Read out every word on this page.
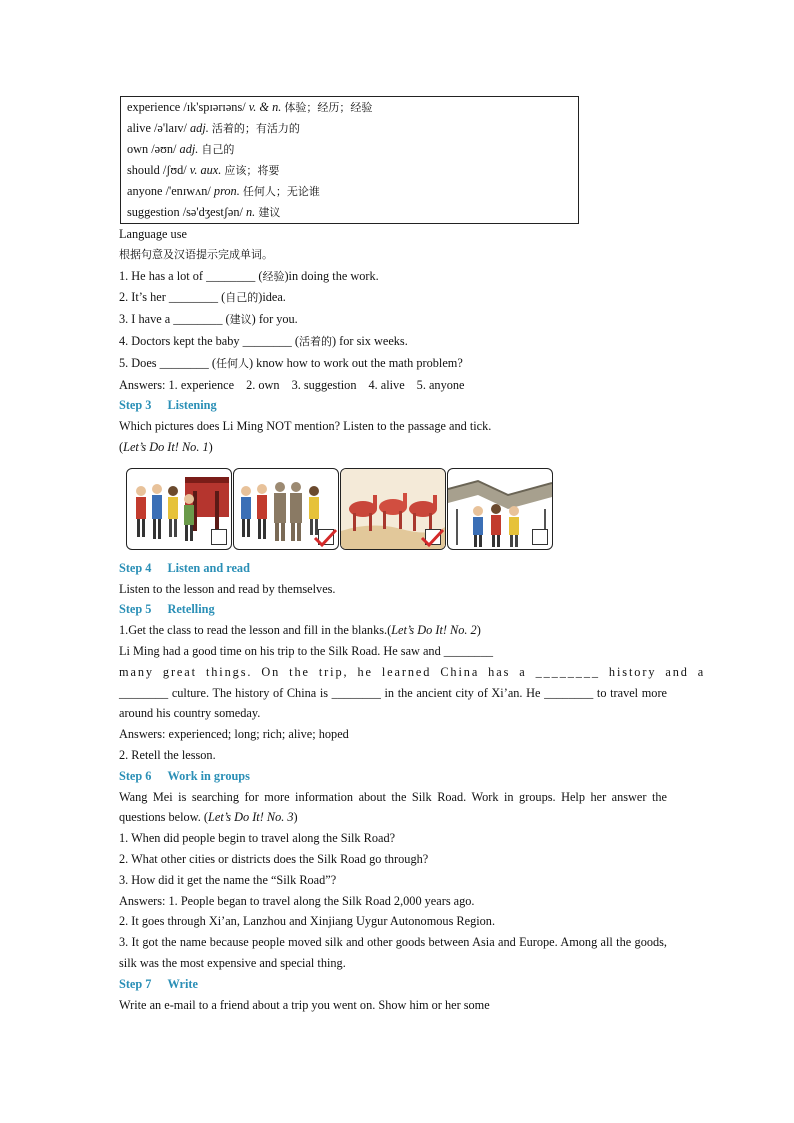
experience /ɪk'spɪərɪəns/ v. & n. 体验；经历；经验
alive /ə'laɪv/ adj. 活着的；有活力的
own /əʊn/ adj. 自己的
should /ʃʊd/ v. aux. 应该；将要
anyone /'enɪwʌn/ pron. 任何人；无论谁
suggestion /sə'dʒestʃən/ n. 建议
Language use
根据句意及汉语提示完成单词。
1. He has a lot of ________ (经验)in doing the work.
2. It’s her ________ (自己的)idea.
3. I have a ________ (建议) for you.
4. Doctors kept the baby ________ (活着的) for six weeks.
5. Does ________ (任何人) know how to work out the math problem?
Answers: 1. experience 2. own 3. suggestion 4. alive 5. anyone
Step 3 Listening
Which pictures does Li Ming NOT mention? Listen to the passage and tick.
(Let’s Do It! No. 1)
Step 4 Listen and read
Listen to the lesson and read by themselves.
Step 5 Retelling
1.Get the class to read the lesson and fill in the blanks.(Let’s Do It! No. 2)
Li Ming had a good time on his trip to the Silk Road. He saw and ________
many great things. On the trip, he learned China has a ________ history and a
________ culture. The history of China is ________ in the ancient city of Xi’an. He ________ to travel more around his country someday.
Answers: experienced; long; rich; alive; hoped
2. Retell the lesson.
Step 6 Work in groups
Wang Mei is searching for more information about the Silk Road. Work in groups. Help her answer the questions below. (Let’s Do It! No. 3)
1. When did people begin to travel along the Silk Road?
2. What other cities or districts does the Silk Road go through?
3. How did it get the name the “Silk Road”?
Answers: 1. People began to travel along the Silk Road 2,000 years ago.
2. It goes through Xi’an, Lanzhou and Xinjiang Uygur Autonomous Region.
3. It got the name because people moved silk and other goods between Asia and Europe. Among all the goods, silk was the most expensive and special thing.
Step 7 Write
Write an e-mail to a friend about a trip you went on. Show him or her some
